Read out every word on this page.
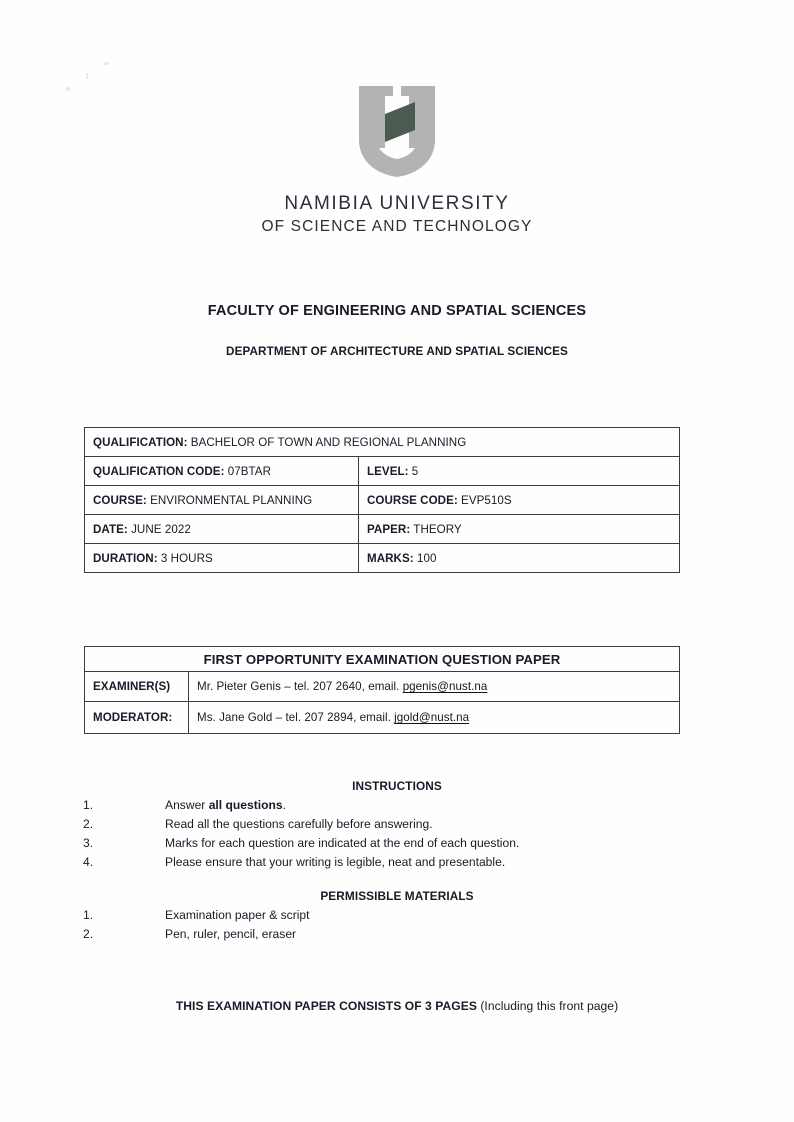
NAMIBIA UNIVERSITY
OF SCIENCE AND TECHNOLOGY
FACULTY OF ENGINEERING AND SPATIAL SCIENCES
DEPARTMENT OF ARCHITECTURE AND SPATIAL SCIENCES
QUALIFICATION: BACHELOR OF TOWN AND REGIONAL PLANNING	
QUALIFICATION CODE: 07BTAR	LEVEL: 5
COURSE: ENVIRONMENTAL PLANNING	COURSE CODE: EVP510S
DATE: JUNE 2022	PAPER: THEORY
DURATION: 3 HOURS	MARKS: 100
FIRST OPPORTUNITY EXAMINATION QUESTION PAPER	
EXAMINER(S)	Mr. Pieter Genis – tel. 207 2640, email. pgenis@nust.na
MODERATOR:	Ms. Jane Gold – tel. 207 2894, email. jgold@nust.na
INSTRUCTIONS
1.	Answer all questions.
2.	Read all the questions carefully before answering.
3.	Marks for each question are indicated at the end of each question.
4.	Please ensure that your writing is legible, neat and presentable.
PERMISSIBLE MATERIALS
1.	Examination paper & script
2.	Pen, ruler, pencil, eraser
THIS EXAMINATION PAPER CONSISTS OF 3 PAGES (Including this front page)
